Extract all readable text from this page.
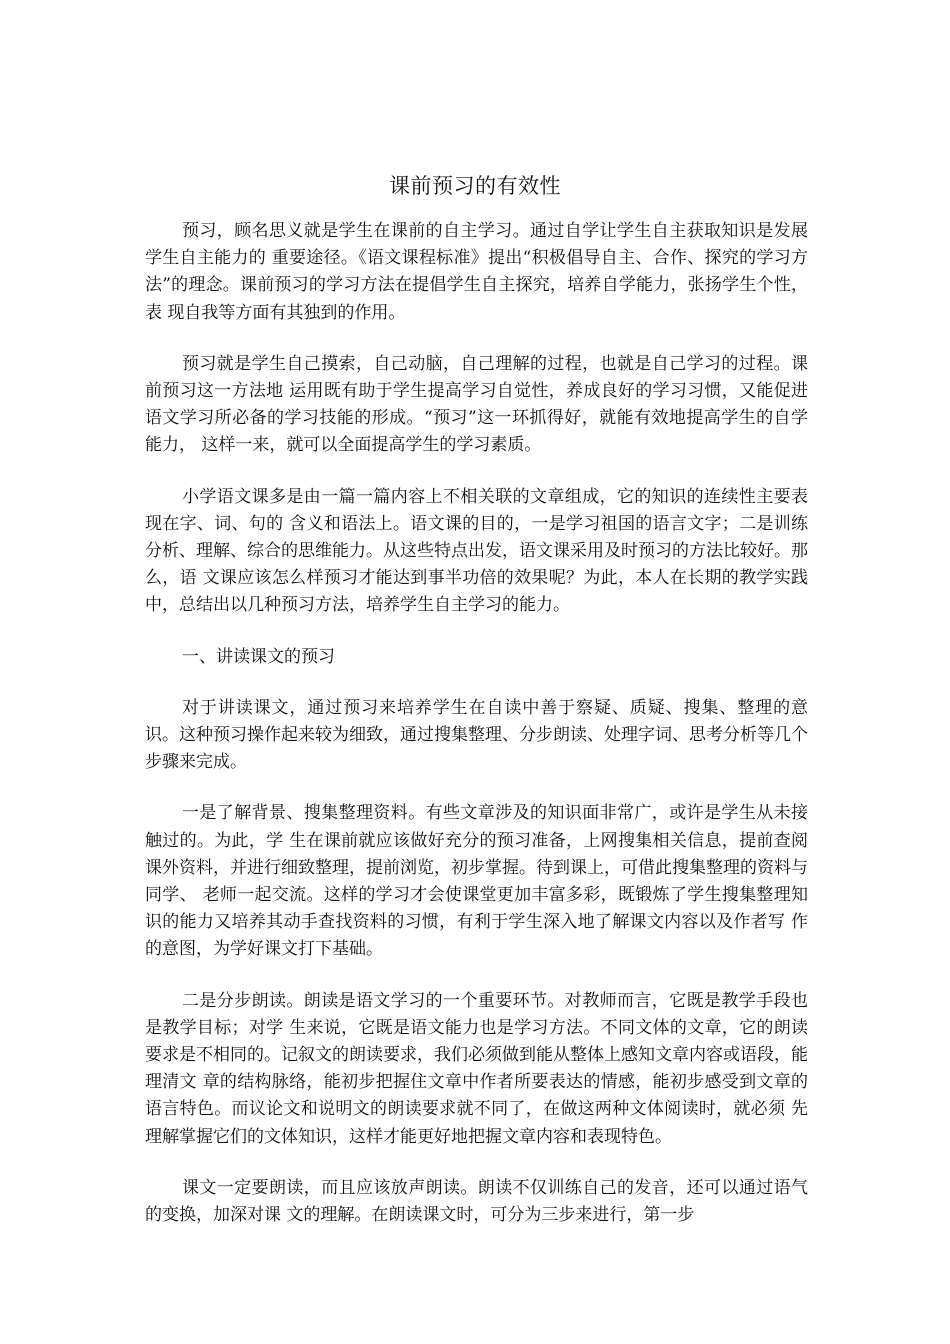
课前预习的有效性

预习，顾名思义就是学生在课前的自主学习。通过自学让学生自主获取知识是发展学生自主能力的 重要途径。《语文课程标准》提出“积极倡导自主、合作、探究的学习方法”的理念。课前预习的学习方法在提倡学生自主探究，培养自学能力，张扬学生个性，表 现自我等方面有其独到的作用。

预习就是学生自己摸索，自己动脑，自己理解的过程，也就是自己学习的过程。课前预习这一方法地 运用既有助于学生提高学习自觉性，养成良好的学习习惯，又能促进语文学习所必备的学习技能的形成。“预习”这一环抓得好，就能有效地提高学生的自学能力， 这样一来，就可以全面提高学生的学习素质。

小学语文课多是由一篇一篇内容上不相关联的文章组成，它的知识的连续性主要表现在字、词、句的 含义和语法上。语文课的目的，一是学习祖国的语言文字；二是训练分析、理解、综合的思维能力。从这些特点出发，语文课采用及时预习的方法比较好。那么，语 文课应该怎么样预习才能达到事半功倍的效果呢？为此，本人在长期的教学实践中，总结出以几种预习方法，培养学生自主学习的能力。

一、讲读课文的预习

对于讲读课文，通过预习来培养学生在自读中善于察疑、质疑、搜集、整理的意识。这种预习操作起来较为细致，通过搜集整理、分步朗读、处理字词、思考分析等几个步骤来完成。

一是了解背景、搜集整理资料。有些文章涉及的知识面非常广，或许是学生从未接触过的。为此，学 生在课前就应该做好充分的预习准备，上网搜集相关信息，提前查阅课外资料，并进行细致整理，提前浏览，初步掌握。待到课上，可借此搜集整理的资料与同学、 老师一起交流。这样的学习才会使课堂更加丰富多彩，既锻炼了学生搜集整理知识的能力又培养其动手查找资料的习惯，有利于学生深入地了解课文内容以及作者写 作的意图，为学好课文打下基础。

二是分步朗读。朗读是语文学习的一个重要环节。对教师而言，它既是教学手段也是教学目标；对学 生来说，它既是语文能力也是学习方法。不同文体的文章，它的朗读要求是不相同的。记叙文的朗读要求，我们必须做到能从整体上感知文章内容或语段，能理清文 章的结构脉络，能初步把握住文章中作者所要表达的情感，能初步感受到文章的语言特色。而议论文和说明文的朗读要求就不同了，在做这两种文体阅读时，就必须 先理解掌握它们的文体知识，这样才能更好地把握文章内容和表现特色。

课文一定要朗读，而且应该放声朗读。朗读不仅训练自己的发音，还可以通过语气的变换，加深对课 文的理解。在朗读课文时，可分为三步来进行，第一步
